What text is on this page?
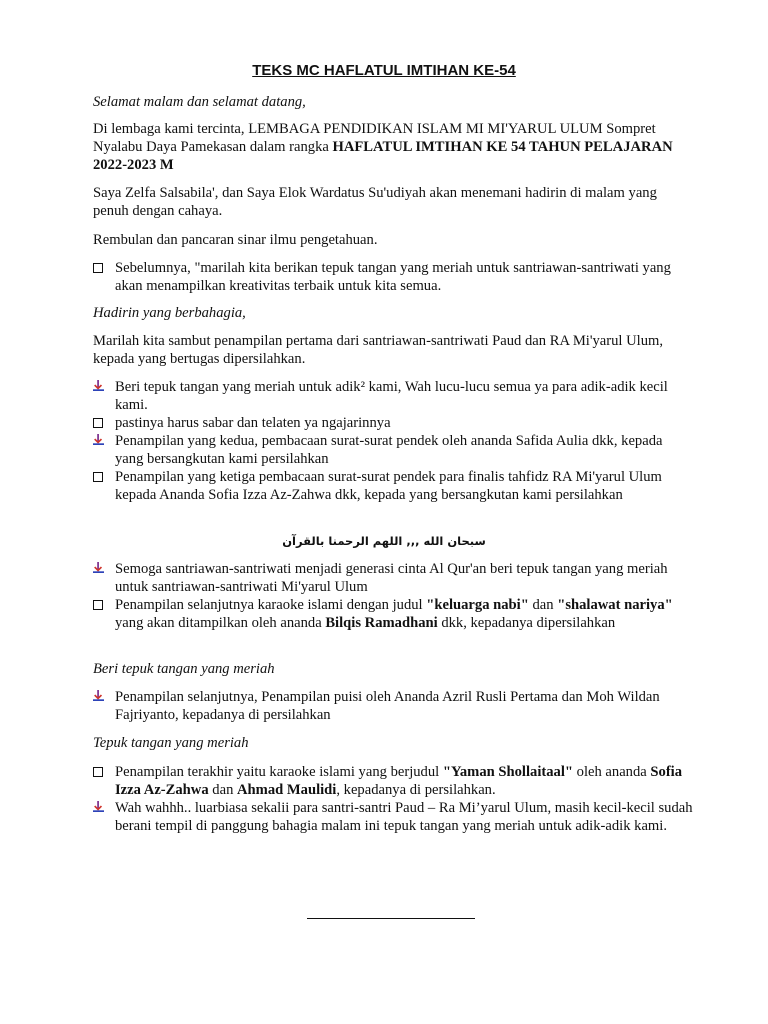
TEKS MC HAFLATUL IMTIHAN KE-54
Selamat malam dan selamat datang,
Di lembaga kami tercinta, LEMBAGA PENDIDIKAN ISLAM MI MI'YARUL ULUM Sompret Nyalabu Daya Pamekasan dalam rangka HAFLATUL IMTIHAN KE 54 TAHUN PELAJARAN 2022-2023 M
Saya Zelfa Salsabila', dan Saya Elok Wardatus Su'udiyah akan menemani hadirin di malam yang penuh dengan cahaya.
Rembulan dan pancaran sinar ilmu pengetahuan.
Sebelumnya, "marilah kita berikan tepuk tangan yang meriah untuk santriawan-santriwati yang akan menampilkan kreativitas terbaik untuk kita semua.
Hadirin yang berbahagia,
Marilah kita sambut penampilan pertama dari santriawan-santriwati Paud dan RA Mi'yarul Ulum, kepada yang bertugas dipersilahkan.
Beri tepuk tangan yang meriah untuk adik² kami, Wah lucu-lucu semua ya para adik-adik kecil kami.
pastinya harus sabar dan telaten ya ngajarinnya
Penampilan yang kedua, pembacaan surat-surat pendek oleh ananda Safida Aulia dkk, kepada yang bersangkutan kami persilahkan
Penampilan yang ketiga pembacaan surat-surat pendek para finalis tahfidz RA Mi'yarul Ulum kepada Ananda Sofia Izza Az-Zahwa dkk, kepada yang bersangkutan kami persilahkan
سبحان الله ,,, اللهم الرحمنا بالقرآن
Semoga santriawan-santriwati menjadi generasi cinta Al Qur'an beri tepuk tangan yang meriah untuk santriawan-santriwati Mi'yarul Ulum
Penampilan selanjutnya karaoke islami dengan judul "keluarga nabi" dan "shalawat nariya" yang akan ditampilkan oleh ananda Bilqis Ramadhani dkk, kepadanya dipersilahkan
Beri tepuk tangan yang meriah
Penampilan selanjutnya, Penampilan puisi oleh Ananda Azril Rusli Pertama dan Moh Wildan Fajriyanto, kepadanya di persilahkan
Tepuk tangan yang meriah
Penampilan terakhir yaitu karaoke islami yang berjudul "Yaman Shollaitaal" oleh ananda Sofia Izza Az-Zahwa dan Ahmad Maulidi, kepadanya di persilahkan.
Wah wahhh.. luarbiasa sekalii para santri-santri Paud – Ra Mi’yarul Ulum, masih kecil-kecil sudah berani tempil di panggung bahagia malam ini tepuk tangan yang meriah untuk adik-adik kami.
